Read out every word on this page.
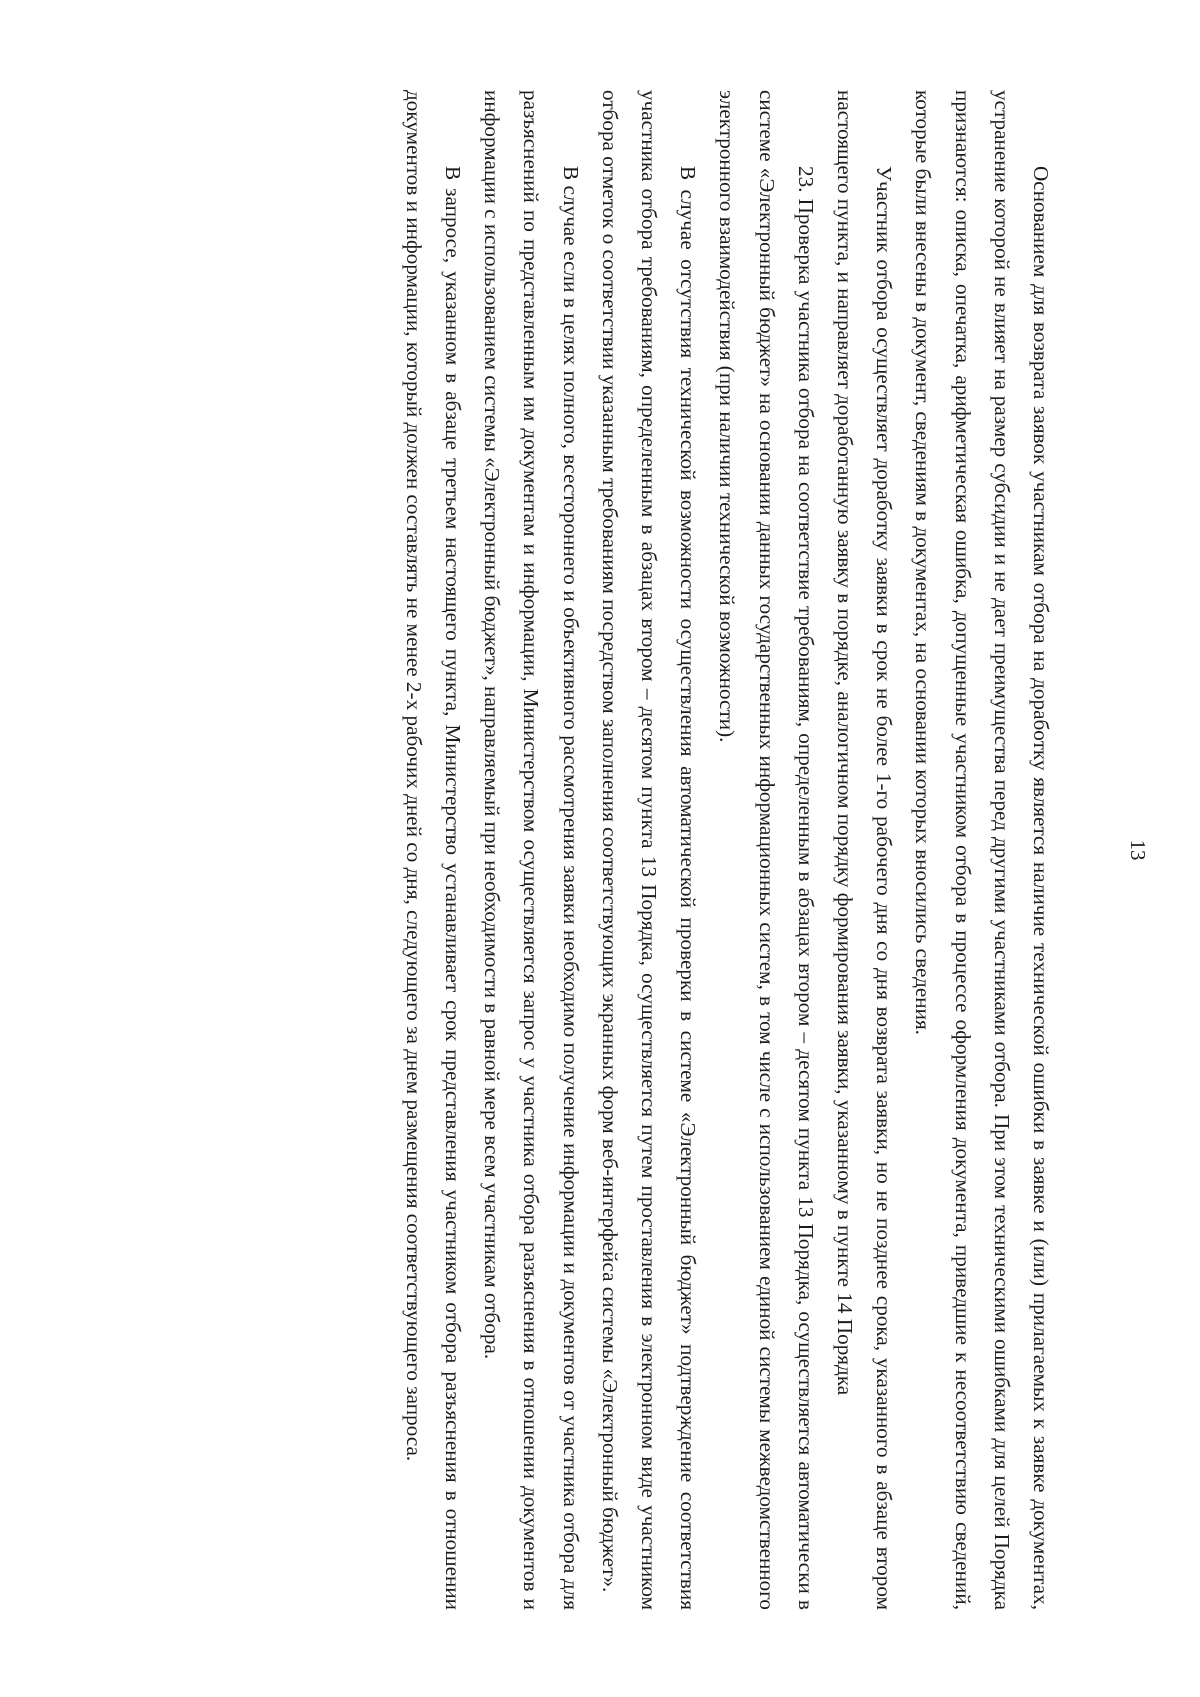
13

Основанием для возврата заявок участникам отбора на доработку является наличие технической ошибки в заявке и (или) прилагаемых к заявке документах, устранение которой не влияет на размер субсидии и не дает преимущества перед другими участниками отбора. При этом техническими ошибками для целей Порядка признаются: описка, опечатка, арифметическая ошибка, допущенные участником отбора в процессе оформления документа, приведшие к несоответствию сведений, которые были внесены в документ, сведениям в документах, на основании которых вносились сведения.

Участник отбора осуществляет доработку заявки в срок не более 1-го рабочего дня со дня возврата заявки, но не позднее срока, указанного в абзаце втором настоящего пункта, и направляет доработанную заявку в порядке, аналогичном порядку формирования заявки, указанному в пункте 14 Порядка

23. Проверка участника отбора на соответствие требованиям, определенным в абзацах втором – десятом пункта 13 Порядка, осуществляется автоматически в системе «Электронный бюджет» на основании данных государственных информационных систем, в том числе с использованием единой системы межведомственного электронного взаимодействия (при наличии технической возможности).

В случае отсутствия технической возможности осуществления автоматической проверки в системе «Электронный бюджет» подтверждение соответствия участника отбора требованиям, определенным в абзацах втором – десятом пункта 13 Порядка, осуществляется путем проставления в электронном виде участником отбора отметок о соответствии указанным требованиям посредством заполнения соответствующих экранных форм веб-интерфейса системы «Электронный бюджет».

В случае если в целях полного, всестороннего и объективного рассмотрения заявки необходимо получение информации и документов от участника отбора для разъяснений по представленным им документам и информации, Министерством осуществляется запрос у участника отбора разъяснения в отношении документов и информации с использованием системы «Электронный бюджет», направляемый при необходимости в равной мере всем участникам отбора.

В запросе, указанном в абзаце третьем настоящего пункта, Министерство устанавливает срок представления участником отбора разъяснения в отношении документов и информации, который должен составлять не менее 2-х рабочих дней со дня, следующего за днем размещения соответствующего запроса.
